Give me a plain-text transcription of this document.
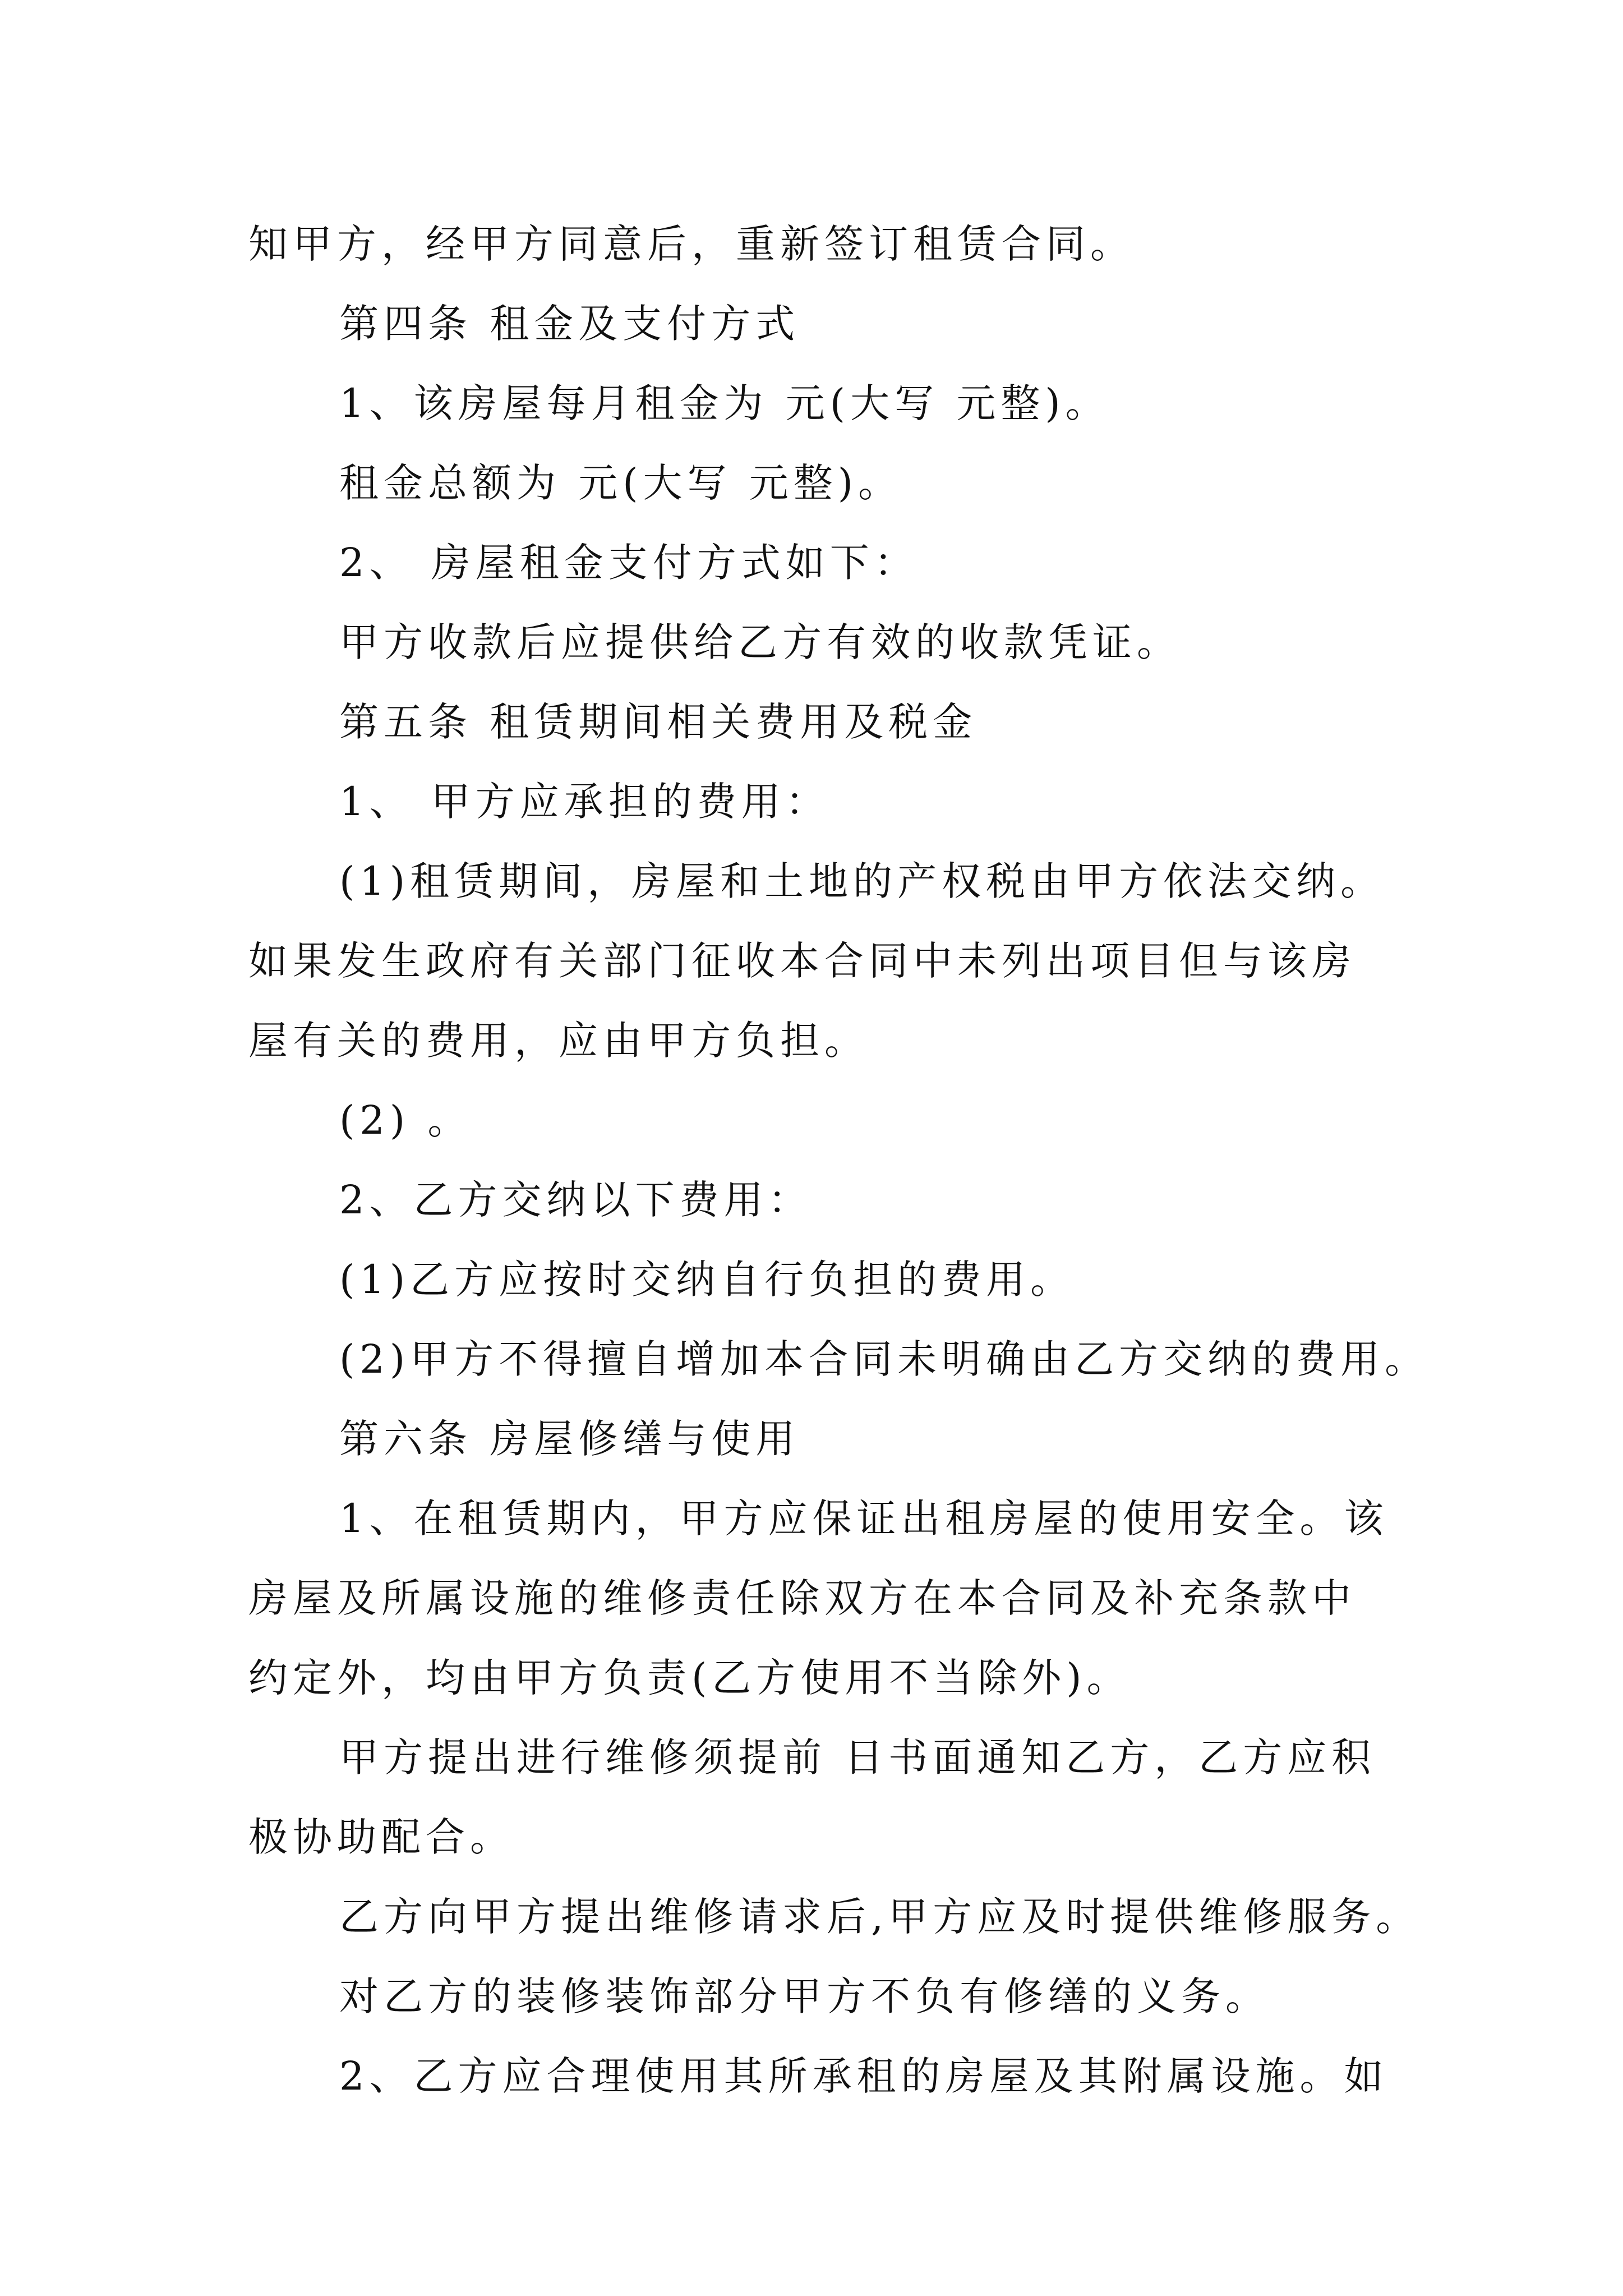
知甲方，经甲方同意后，重新签订租赁合同。
第四条 租金及支付方式
1、该房屋每月租金为 元(大写 元整)。
租金总额为 元(大写 元整)。
2、 房屋租金支付方式如下：
甲方收款后应提供给乙方有效的收款凭证。
第五条 租赁期间相关费用及税金
1、 甲方应承担的费用：
(1)租赁期间，房屋和土地的产权税由甲方依法交纳。
如果发生政府有关部门征收本合同中未列出项目但与该房
屋有关的费用，应由甲方负担。
(2) 。
2、乙方交纳以下费用：
(1)乙方应按时交纳自行负担的费用。
(2)甲方不得擅自增加本合同未明确由乙方交纳的费用。
第六条 房屋修缮与使用
1、在租赁期内，甲方应保证出租房屋的使用安全。该
房屋及所属设施的维修责任除双方在本合同及补充条款中
约定外，均由甲方负责(乙方使用不当除外)。
甲方提出进行维修须提前 日书面通知乙方，乙方应积
极协助配合。
乙方向甲方提出维修请求后,甲方应及时提供维修服务。
对乙方的装修装饰部分甲方不负有修缮的义务。
2、乙方应合理使用其所承租的房屋及其附属设施。如
